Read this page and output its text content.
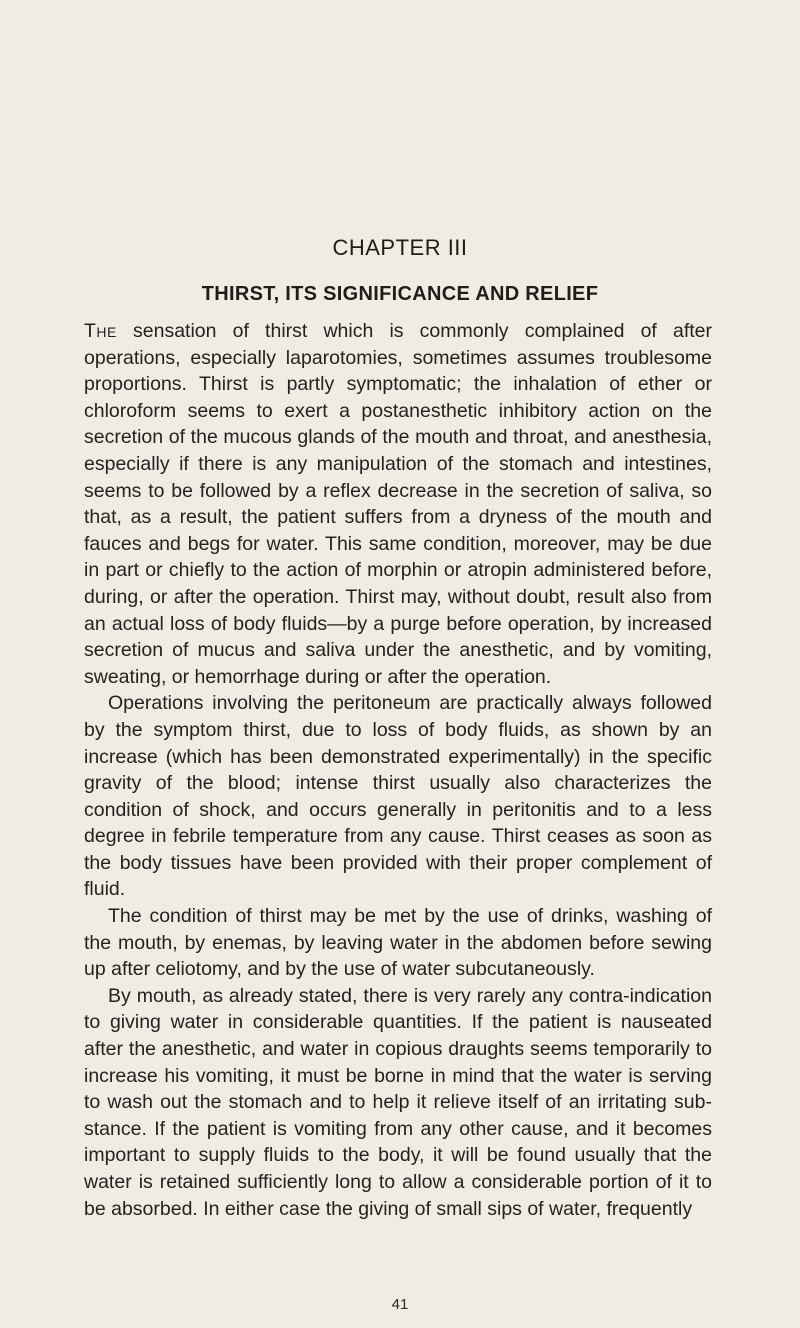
CHAPTER III
THIRST, ITS SIGNIFICANCE AND RELIEF

The sensation of thirst which is commonly complained of after operations, especially laparotomies, sometimes assumes troublesome proportions. Thirst is partly symptomatic; the inhalation of ether or chloroform seems to exert a postanesthetic inhibitory action on the secretion of the mucous glands of the mouth and throat, and anesthesia, especially if there is any manipulation of the stomach and intestines, seems to be followed by a reflex decrease in the secretion of saliva, so that, as a result, the patient suffers from a dryness of the mouth and fauces and begs for water. This same condition, moreover, may be due in part or chiefly to the action of morphin or atropin administered before, during, or after the operation. Thirst may, without doubt, result also from an actual loss of body fluids—by a purge before operation, by increased secretion of mucus and saliva under the anesthetic, and by vomiting, sweating, or hemorrhage during or after the operation.

Operations involving the peritoneum are practically always followed by the symptom thirst, due to loss of body fluids, as shown by an increase (which has been demonstrated experimentally) in the specific gravity of the blood; intense thirst usually also characterizes the condition of shock, and occurs generally in peritonitis and to a less degree in febrile temperature from any cause. Thirst ceases as soon as the body tissues have been provided with their proper complement of fluid.

The condition of thirst may be met by the use of drinks, washing of the mouth, by enemas, by leaving water in the abdomen before sewing up after celiotomy, and by the use of water subcutaneously.

By mouth, as already stated, there is very rarely any contra-indication to giving water in considerable quantities. If the patient is nauseated after the anesthetic, and water in copious draughts seems temporarily to increase his vomiting, it must be borne in mind that the water is serving to wash out the stomach and to help it relieve itself of an irritating sub-stance. If the patient is vomiting from any other cause, and it becomes important to supply fluids to the body, it will be found usually that the water is retained sufficiently long to allow a considerable portion of it to be absorbed. In either case the giving of small sips of water, frequently

41
